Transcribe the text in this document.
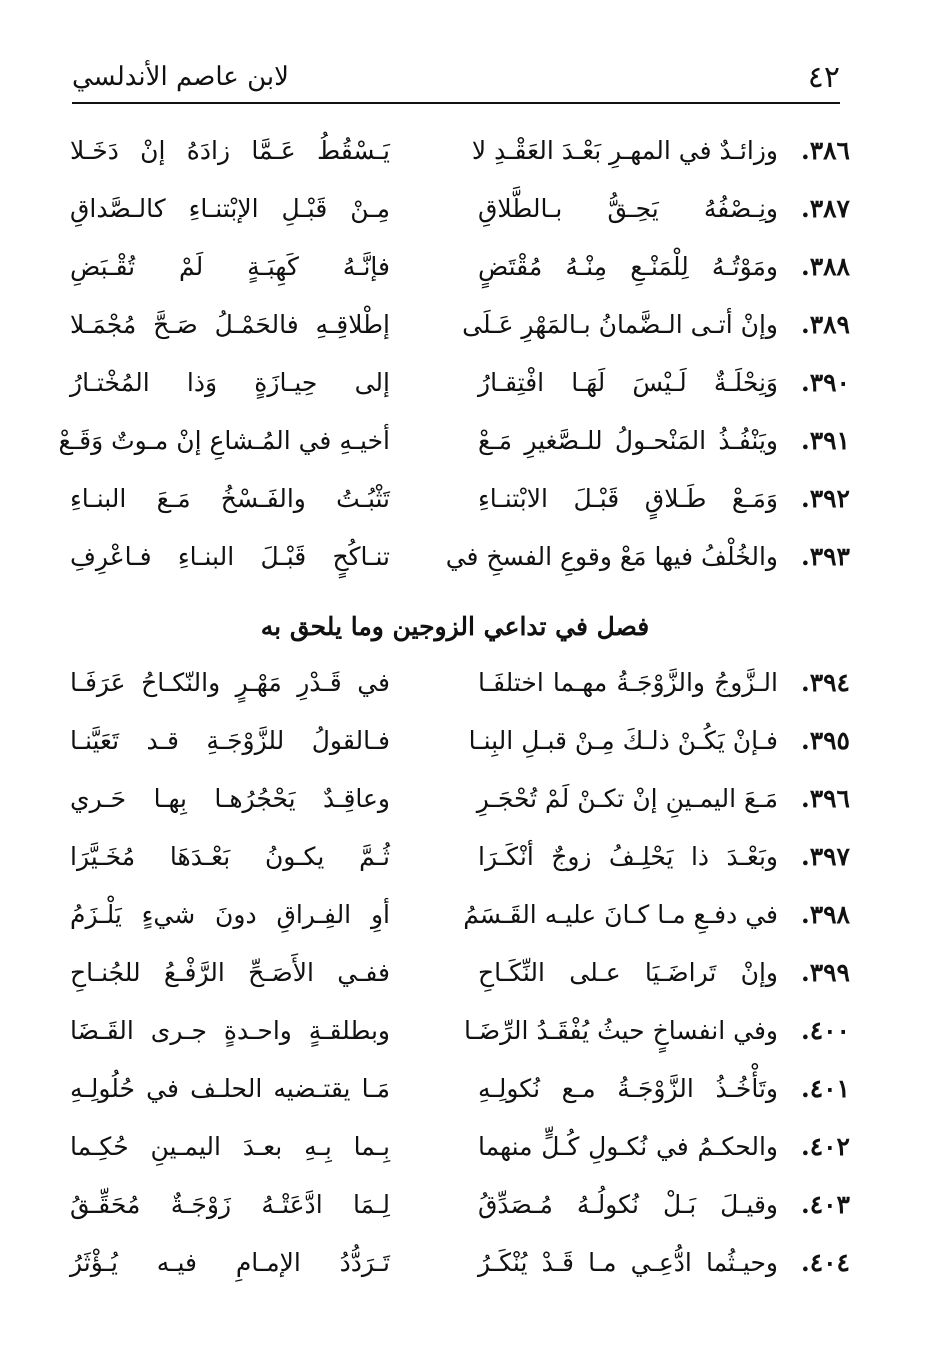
٤٢
لابن عاصم الأندلسي
٣٨٦.
وزائـدٌ في المهـرِ بَعْـدَ العَقْـدِ لا
يَـسْقُطُ عَـمَّا زادَهُ إنْ دَخَـلا
٣٨٧.
ونِـصْفُهُ يَحِـقُّ بـالطَّلاقِ
مِـنْ قَبْـلِ الإبْتنـاءِ كالـصَّداقِ
٣٨٨.
ومَوْتُـهُ لِلْمَنْـعِ مِنْـهُ مُقْتَضٍ
فإنَّـهُ كَهِبَـةٍ لَمْ تُقْـبَضِ
٣٨٩.
وإنْ أتـى الـضَّمانُ بـالمَهْرِ عَـلَى
إطْلاقِـهِ فالحَمْـلُ صَـحَّ مُجْمَـلا
٣٩٠.
وَنِحْلَـةٌ لَـيْسَ لَهَـا افْتِقـارُ
إلى حِيـازَةٍ وَذا المُخْتـارُ
٣٩١.
ويَنْفُـذُ المَنْحـولُ للـصَّغيرِ مَـعْ
أخيـهِ في المُـشاعِ إنْ مـوتٌ وَقَـعْ
٣٩٢.
وَمَـعْ طَـلاقٍ قَبْـلَ الابْتنـاءِ
تَثْبُـتُ والفَـسْخُ مَـعَ البنـاءِ
٣٩٣.
والخُلْفُ فيها مَعْ وقوعِ الفسخِ في
تنـاكُحٍ قَبْـلَ البنـاءِ فـاعْرِفِ
فصل في تداعي الزوجين وما يلحق به
٣٩٤.
الـزَّوجُ والزَّوْجَـةُ مهـما اختلفَـا
في قَـدْرِ مَهْـرٍ والنّكـاحُ عَرَفَـا
٣٩٥.
فـإنْ يَكُـنْ ذلـكَ مِـنْ قبـلِ البِنـا
فـالقولُ للزَّوْجَـةِ قـد تَعَيَّنـا
٣٩٦.
مَـعَ اليمـينِ إنْ تكـنْ لَمْ تُحْجَـرِ
وعاقِـدٌ يَحْجُرُهـا بِهـا حَـري
٣٩٧.
وبَعْـدَ ذا يَحْلِـفُ زوجٌ أنْكَـرَا
ثُـمَّ يكـونُ بَعْـدَهَا مُخَـيَّرَا
٣٩٨.
في دفـعِ مـا كـانَ عليـه القَـسَمُ
أوِ الفِـراقِ دونَ شيءٍ يَلْـزَمُ
٣٩٩.
وإنْ تَراضَـيَا عـلى النِّكَـاحِ
ففـي الأَصَـحِّ الرَّفْـعُ للجُنـاحِ
٤٠٠.
وفي انفساخٍ حيثُ يُفْقَـدُ الرِّضَـا
وبطلقـةٍ واحـدةٍ جـرى القَـضَا
٤٠١.
وتَأْخُـذُ الزَّوْجَـةُ مـع نُكولِـهِ
مَـا يقتـضيه الحلـف في حُلُولِـهِ
٤٠٢.
والحكـمُ في نُكـولِ كُـلٍّ منهما
بِـما بِـهِ بعـدَ اليمـينِ حُكِـما
٤٠٣.
وقيـلَ بَـلْ نُكولُـهُ مُـصَدِّقُ
لِـمَا ادَّعَتْـهُ زَوْجَـةٌ مُحَقِّـقُ
٤٠٤.
وحيـثُما ادُّعِـي مـا قَـدْ يُنْكَـرُ
تَـرَدُّدُ الإمـامِ فيـه يُـؤْثَرُ
